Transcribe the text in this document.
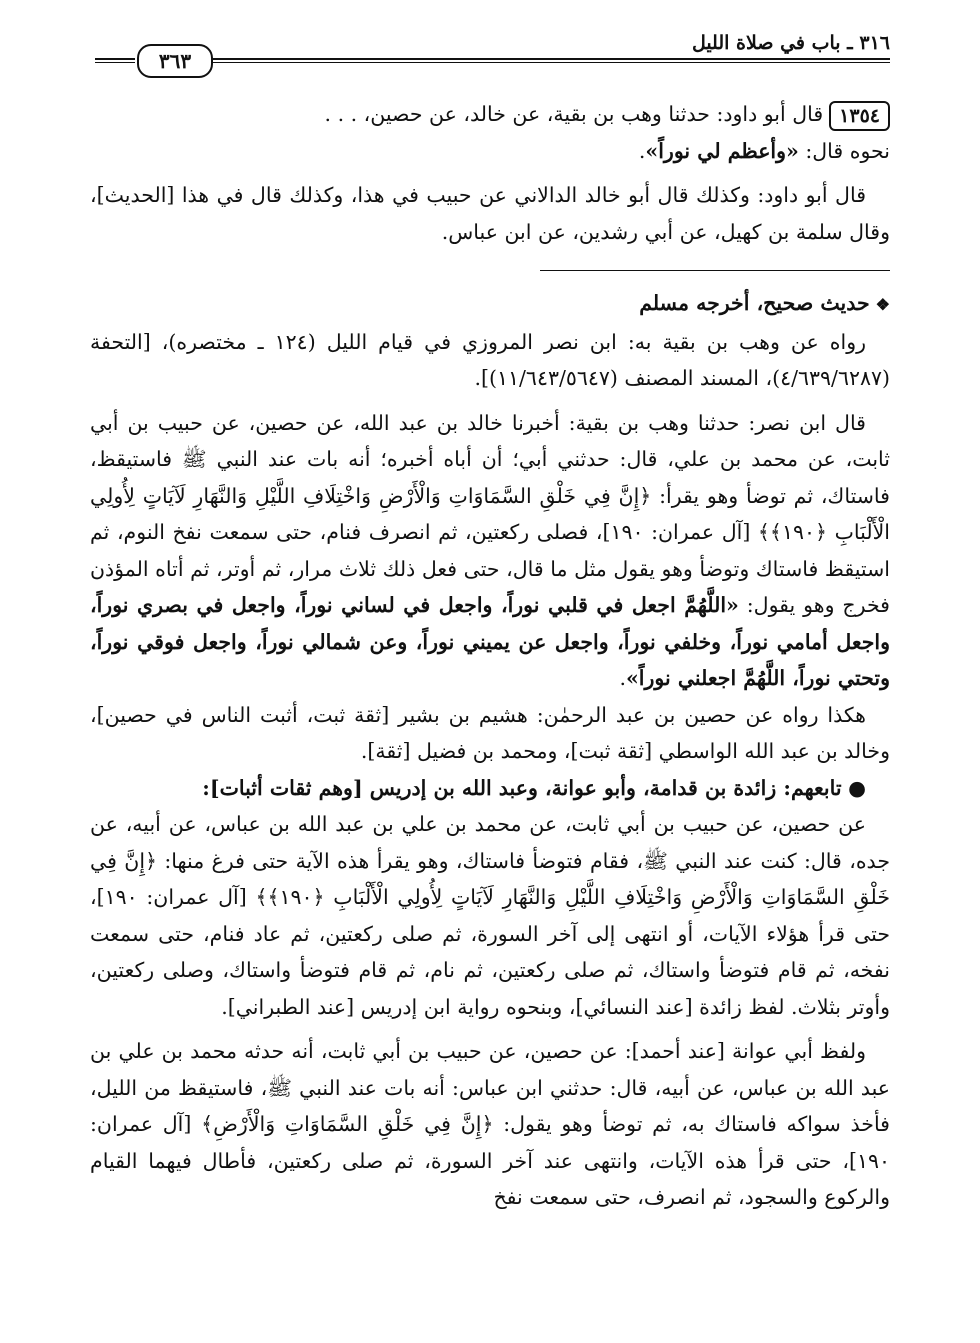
٣١٦ ـ باب في صلاة الليل
٣٦٣

١٣٥٤قال أبو داود: حدثنا وهب بن بقية، عن خالد، عن حصين، . . .

نحوه قال: «وأعظم لي نوراً».

قال أبو داود: وكذلك قال أبو خالد الدالاني عن حبيب في هذا، وكذلك قال في هذا [الحديث]، وقال سلمة بن كهيل، عن أبي رشدين، عن ابن عباس.

❖حديث صحيح، أخرجه مسلم

رواه عن وهب بن بقية به: ابن نصر المروزي في قيام الليل (١٢٤ ـ مختصره)، [التحفة (٤/٦٣٩/٦٢٨٧)، المسند المصنف (١١/٦٤٣/٥٦٤٧)].

قال ابن نصر: حدثنا وهب بن بقية: أخبرنا خالد بن عبد الله، عن حصين، عن حبيب بن أبي ثابت، عن محمد بن علي، قال: حدثني أبي؛ أن أباه أخبره؛ أنه بات عند النبي ﷺ فاستيقظ، فاستاك، ثم توضأ وهو يقرأ: ﴿إِنَّ فِي خَلْقِ السَّمَاوَاتِ وَالْأَرْضِ وَاخْتِلَافِ اللَّيْلِ وَالنَّهَارِ لَآيَاتٍ لِأُولِي الْأَلْبَابِ ﴿١٩٠﴾﴾ [آل عمران: ١٩٠]، فصلى ركعتين، ثم انصرف فنام، حتى سمعت نفخ النوم، ثم استيقظ فاستاك وتوضأ وهو يقول مثل ما قال، حتى فعل ذلك ثلاث مرار، ثم أوتر، ثم أتاه المؤذن فخرج وهو يقول: «اللَّهُمَّ اجعل في قلبي نوراً، واجعل في لساني نوراً، واجعل في بصري نوراً، واجعل أمامي نوراً، وخلفي نوراً، واجعل عن يميني نوراً، وعن شمالي نوراً، واجعل فوقي نوراً، وتحتي نوراً، اللَّهُمَّ اجعلني نوراً».

هكذا رواه عن حصين بن عبد الرحمٰن: هشيم بن بشير [ثقة ثبت، أثبت الناس في حصين]، وخالد بن عبد الله الواسطي [ثقة ثبت]، ومحمد بن فضيل [ثقة].

● تابعهم: زائدة بن قدامة، وأبو عوانة، وعبد الله بن إدريس [وهم ثقات أثبات]:

عن حصين، عن حبيب بن أبي ثابت، عن محمد بن علي بن عبد الله بن عباس، عن أبيه، عن جده، قال: كنت عند النبي ﷺ، فقام فتوضأ فاستاك، وهو يقرأ هذه الآية حتى فرغ منها: ﴿إِنَّ فِي خَلْقِ السَّمَاوَاتِ وَالْأَرْضِ وَاخْتِلَافِ اللَّيْلِ وَالنَّهَارِ لَآيَاتٍ لِأُولِي الْأَلْبَابِ ﴿١٩٠﴾﴾ [آل عمران: ١٩٠]، حتى قرأ هؤلاء الآيات، أو انتهى إلى آخر السورة، ثم صلى ركعتين، ثم عاد فنام، حتى سمعت نفخه، ثم قام فتوضأ واستاك، ثم صلى ركعتين، ثم نام، ثم قام فتوضأ واستاك، وصلى ركعتين، وأوتر بثلاث. لفظ زائدة [عند النسائي]، وبنحوه رواية ابن إدريس [عند الطبراني].

ولفظ أبي عوانة [عند أحمد]: عن حصين، عن حبيب بن أبي ثابت، أنه حدثه محمد بن علي بن عبد الله بن عباس، عن أبيه، قال: حدثني ابن عباس: أنه بات عند النبي ﷺ، فاستيقظ من الليل، فأخذ سواكه فاستاك به، ثم توضأ وهو يقول: ﴿إِنَّ فِي خَلْقِ السَّمَاوَاتِ وَالْأَرْضِ﴾ [آل عمران: ١٩٠]، حتى قرأ هذه الآيات، وانتهى عند آخر السورة، ثم صلى ركعتين، فأطال فيهما القيام والركوع والسجود، ثم انصرف، حتى سمعت نفخ
